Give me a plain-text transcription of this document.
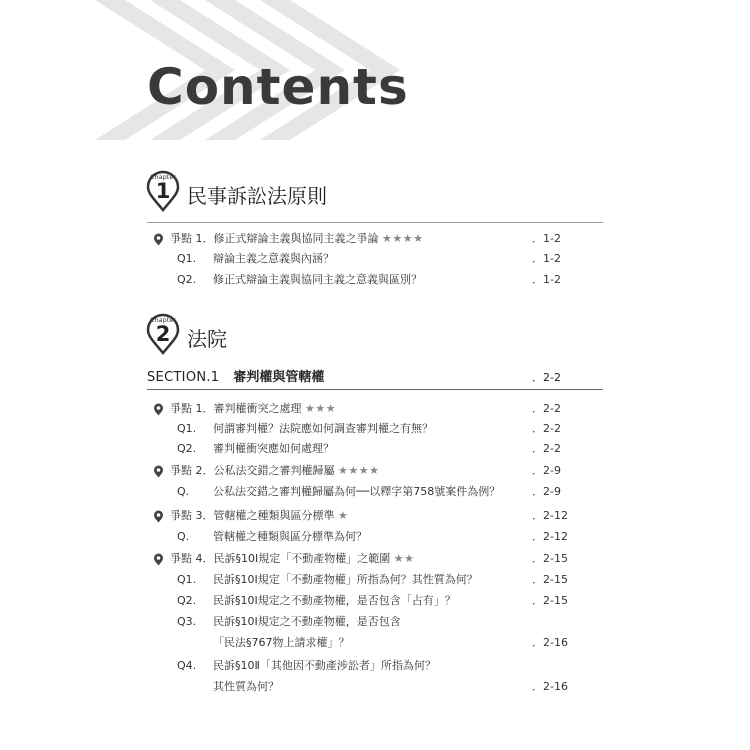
Contents
Chapter
1 民事訴訟法原則
爭點 1．修正式辯論主義與協同主義之爭論 ★★★★	．1-2
Q1.	辯論主義之意義與內涵？	．1-2
Q2.	修正式辯論主義與協同主義之意義與區別？	．1-2
Chapter
2 法院
SECTION.1 審判權與管轄權	．2-2
爭點 1．審判權衝突之處理 ★★★	．2-2
Q1.	何謂審判權？法院應如何調查審判權之有無？	．2-2
Q2.	審判權衝突應如何處理？	．2-2
爭點 2．公私法交錯之審判權歸屬 ★★★★	．2-9
Q.	公私法交錯之審判權歸屬為何──以釋字第758號案件為例？	．2-9
爭點 3．管轄權之種類與區分標準 ★	．2-12
Q.	管轄權之種類與區分標準為何？	．2-12
爭點 4．民訴§10Ⅰ規定「不動產物權」之範圍 ★★	．2-15
Q1.	民訴§10Ⅰ規定「不動產物權」所指為何？其性質為何？	．2-15
Q2.	民訴§10Ⅰ規定之不動產物權，是否包含「占有」？	．2-15
Q3.	民訴§10Ⅰ規定之不動產物權，是否包含
「民法§767物上請求權」？	．2-16
Q4.	民訴§10Ⅱ「其他因不動產涉訟者」所指為何？
其性質為何？	．2-16
